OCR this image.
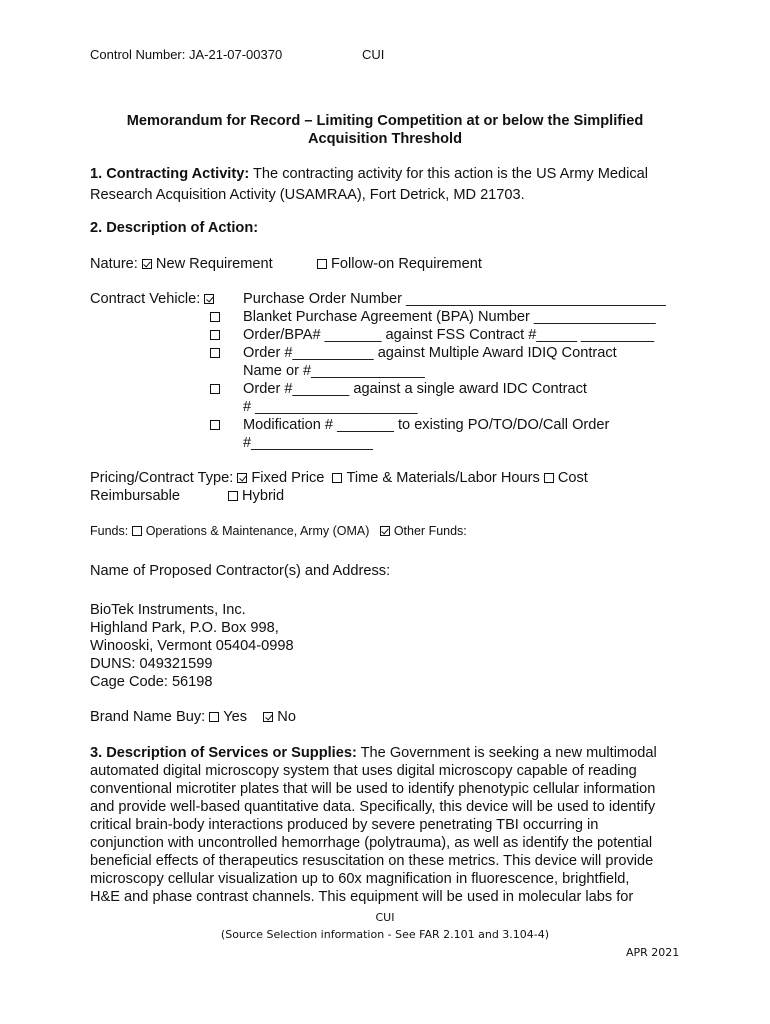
Control Number: JA-21-07-00370	CUI
Memorandum for Record – Limiting Competition at or below the Simplified
Acquisition Threshold
1. Contracting Activity: The contracting activity for this action is the US Army Medical
Research Acquisition Activity (USAMRAA), Fort Detrick, MD 21703.
2. Description of Action:
Nature: New Requirement	Follow-on Requirement
Contract Vehicle:	Purchase Order Number ________________________________
Blanket Purchase Agreement (BPA) Number _______________
Order/BPA# _______ against FSS Contract #_____ _________
Order #__________ against Multiple Award IDIQ Contract
Name or #______________
Order #_______ against a single award IDC Contract
# ____________________
Modification # _______ to existing PO/TO/DO/Call Order
#_______________
Pricing/Contract Type: Fixed Price Time & Materials/Labor Hours Cost
Reimbursable	Hybrid
Funds: Operations & Maintenance, Army (OMA) Other Funds:
Name of Proposed Contractor(s) and Address:
BioTek Instruments, Inc.
Highland Park, P.O. Box 998,
Winooski, Vermont 05404-0998
DUNS: 049321599
Cage Code: 56198
Brand Name Buy: Yes No
3. Description of Services or Supplies: The Government is seeking a new multimodal
automated digital microscopy system that uses digital microscopy capable of reading
conventional microtiter plates that will be used to identify phenotypic cellular information
and provide well-based quantitative data. Specifically, this device will be used to identify
critical brain-body interactions produced by severe penetrating TBI occurring in
conjunction with uncontrolled hemorrhage (polytrauma), as well as identify the potential
beneficial effects of therapeutics resuscitation on these metrics. This device will provide
microscopy cellular visualization up to 60x magnification in fluorescence, brightfield,
H&E and phase contrast channels. This equipment will be used in molecular labs for
CUI
(Source Selection information - See FAR 2.101 and 3.104-4)
APR 2021
